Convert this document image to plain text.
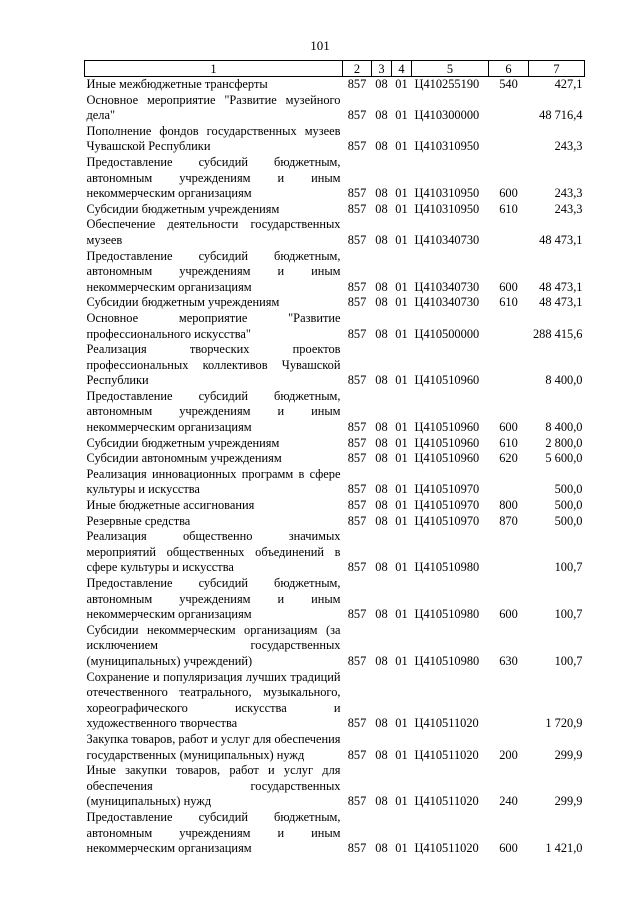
101
1	2	3	4	5	6	7
Иные межбюджетные трансферты	857	08	01	Ц410255190	540	427,1
Основное мероприятие "Развитие музейного дела"	857	08	01	Ц410300000		48 716,4
Пополнение фондов государственных музеев Чувашской Республики	857	08	01	Ц410310950		243,3
Предоставление субсидий бюджетным, автономным учреждениям и иным некоммерческим организациям	857	08	01	Ц410310950	600	243,3
Субсидии бюджетным учреждениям	857	08	01	Ц410310950	610	243,3
Обеспечение деятельности государственных музеев	857	08	01	Ц410340730		48 473,1
Предоставление субсидий бюджетным, автономным учреждениям и иным некоммерческим организациям	857	08	01	Ц410340730	600	48 473,1
Субсидии бюджетным учреждениям	857	08	01	Ц410340730	610	48 473,1
Основное мероприятие "Развитие профессионального искусства"	857	08	01	Ц410500000		288 415,6
Реализация творческих проектов профессиональных коллективов Чувашской Республики	857	08	01	Ц410510960		8 400,0
Предоставление субсидий бюджетным, автономным учреждениям и иным некоммерческим организациям	857	08	01	Ц410510960	600	8 400,0
Субсидии бюджетным учреждениям	857	08	01	Ц410510960	610	2 800,0
Субсидии автономным учреждениям	857	08	01	Ц410510960	620	5 600,0
Реализация инновационных программ в сфере культуры и искусства	857	08	01	Ц410510970		500,0
Иные бюджетные ассигнования	857	08	01	Ц410510970	800	500,0
Резервные средства	857	08	01	Ц410510970	870	500,0
Реализация общественно значимых мероприятий общественных объединений в сфере культуры и искусства	857	08	01	Ц410510980		100,7
Предоставление субсидий бюджетным, автономным учреждениям и иным некоммерческим организациям	857	08	01	Ц410510980	600	100,7
Субсидии некоммерческим организациям (за исключением государственных (муниципальных) учреждений)	857	08	01	Ц410510980	630	100,7
Сохранение и популяризация лучших традиций отечественного театрального, музыкального, хореографического искусства и художественного творчества	857	08	01	Ц410511020		1 720,9
Закупка товаров, работ и услуг для обеспечения государственных (муниципальных) нужд	857	08	01	Ц410511020	200	299,9
Иные закупки товаров, работ и услуг для обеспечения государственных (муниципальных) нужд	857	08	01	Ц410511020	240	299,9
Предоставление субсидий бюджетным, автономным учреждениям и иным некоммерческим организациям	857	08	01	Ц410511020	600	1 421,0
